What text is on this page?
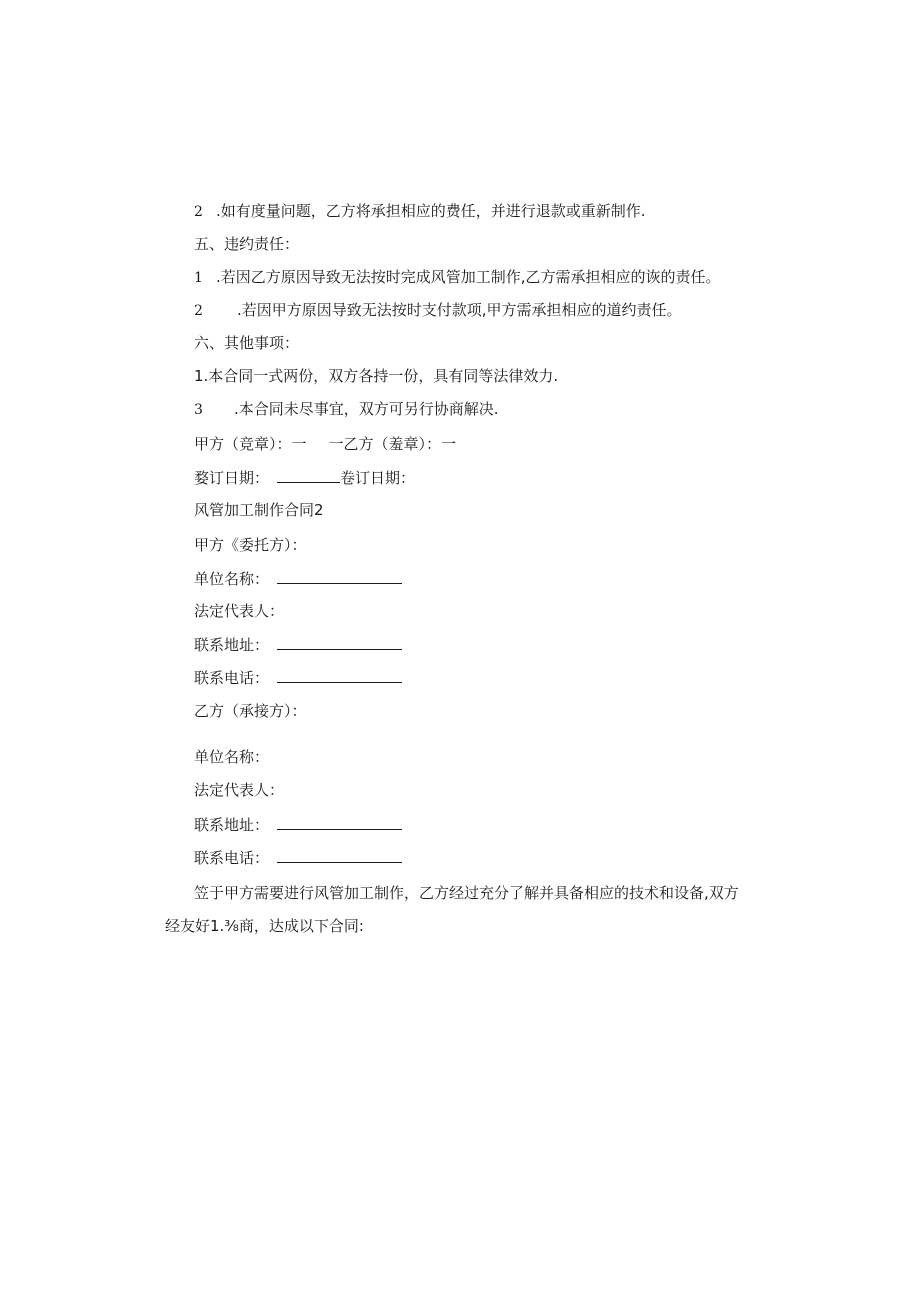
2 .如有度量问题，乙方将承担相应的费任，并进行退款或重新制作.
五、违约责任：
1 .若因乙方原因导致无法按时完成风管加工制作,乙方需承担相应的诙的责任。
2 .若因甲方原因导致无法按时支付款项,甲方需承担相应的道约责任。
六、其他事项：
1.本合同一式两份，双方各持一份，具有同等法律效力.
3 .本合同未尽事宜，双方可另行协商解决.
甲方（竞章）：一 一乙方（羞章）：一
婺订日期：	卷订日期：
风管加工制作合同2
甲方《委托方）：
单位名称：
法定代表人：
联系地址：
联系电话：
乙方（承接方）：
单位名称：
法定代表人：
联系地址：
联系电话：
笠于甲方需要进行风管加工制作，乙方经过充分了解并具备相应的技术和设备,双方经友好1.⅜商，达成以下合同:
